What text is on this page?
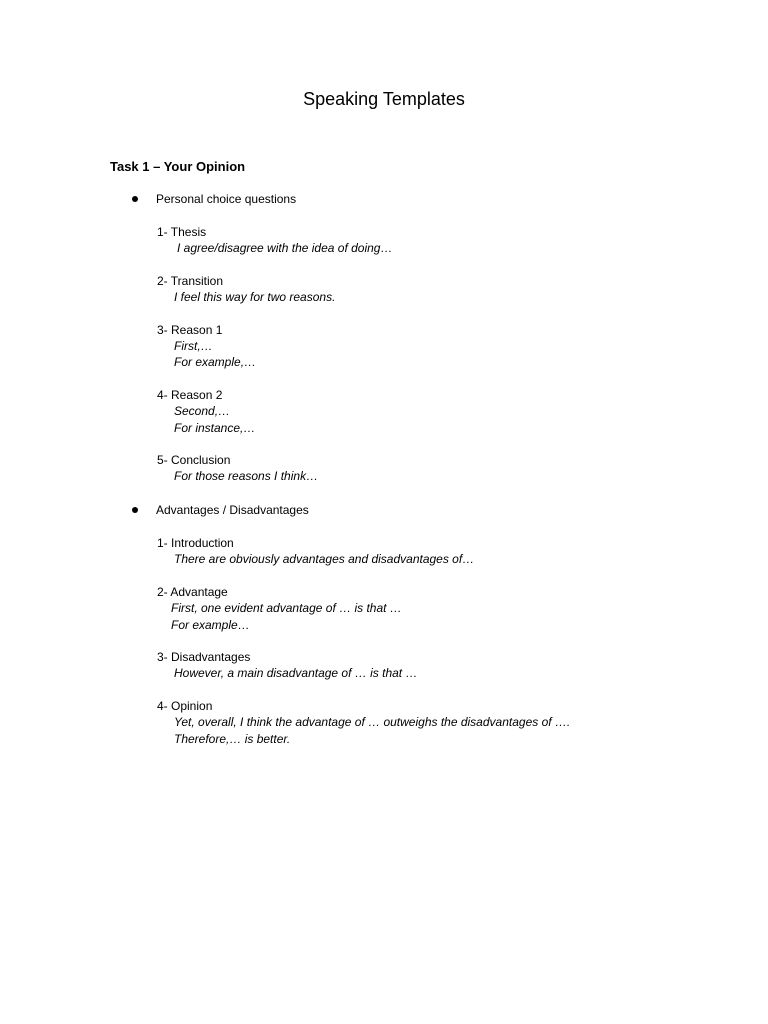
Speaking Templates
Task 1 – Your Opinion
Personal choice questions
1- Thesis
I agree/disagree with the idea of doing…
2- Transition
I feel this way for two reasons.
3- Reason 1
First,…
For example,…
4- Reason 2
Second,…
For instance,…
5- Conclusion
For those reasons I think…
Advantages / Disadvantages
1- Introduction
There are obviously advantages and disadvantages of…
2- Advantage
First, one evident advantage of … is that …
For example…
3- Disadvantages
However, a main disadvantage of … is that …
4- Opinion
Yet, overall, I think the advantage of … outweighs the disadvantages of ….
Therefore,… is better.
